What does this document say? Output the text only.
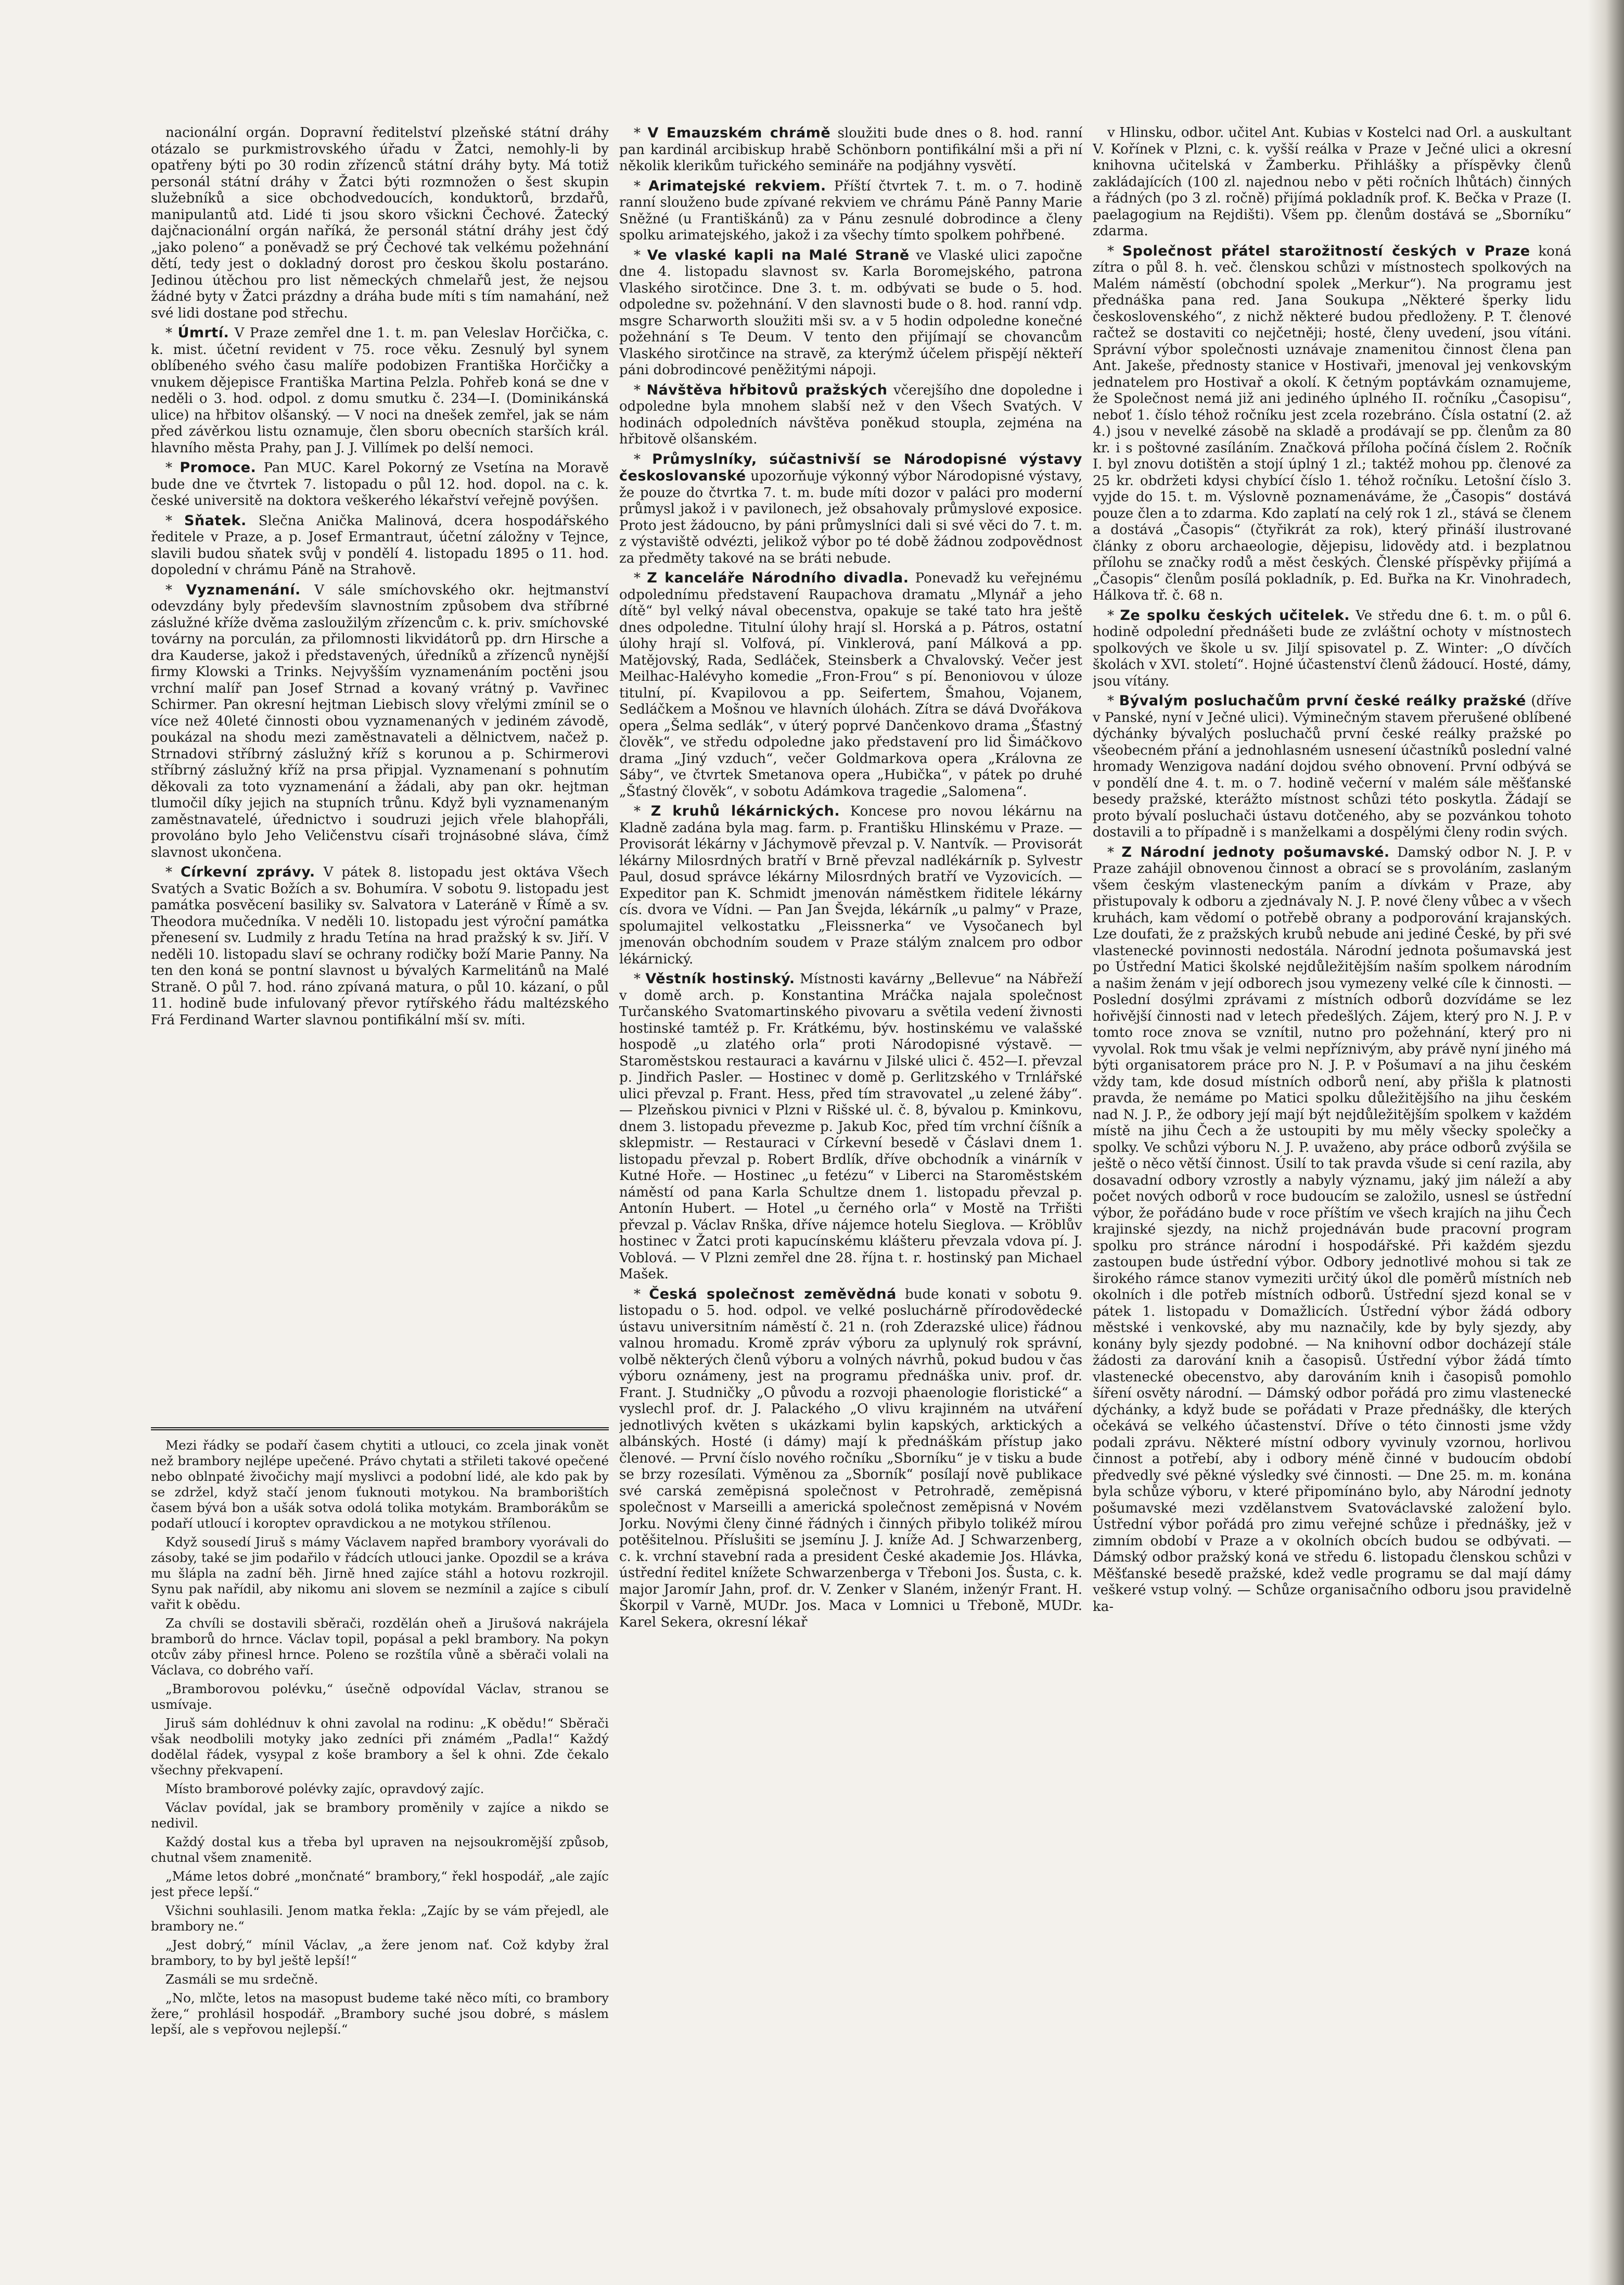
nacionální orgán. Dopravní ředitelství plzeňské státní dráhy otázalo se purkmistrovského úřadu v Žatci, nemohly-li by opatřeny býti po 30 rodin zřízenců státní dráhy byty. Má totiž personál státní dráhy v Žatci býti rozmnožen o šest skupin služebníků a sice obchodvedoucích, konduktorů, brzdařů, manipulantů atd. Lidé ti jsou skoro všickni Čechové. Žatecký dajčnacionální orgán naříká, že personál státní dráhy jest čdý „jako poleno“ a poněvadž se prý Čechové tak velkému požehnání dětí, tedy jest o dokladný dorost pro českou školu postaráno. Jedinou útěchou pro list německých chmelařů jest, že nejsou žádné byty v Žatci prázdny a dráha bude míti s tím namahání, než své lidi dostane pod střechu.

* Úmrtí. V Praze zemřel dne 1. t. m. pan Veleslav Horčička, c. k. mist. účetní revident v 75. roce věku. Zesnulý byl synem oblíbeného svého času malíře podobizen Františka Horčičky a vnukem dějepisce Františka Martina Pelzla. Pohřeb koná se dne v neděli o 3. hod. odpol. z domu smutku č. 234—I. (Dominikánská ulice) na hřbitov olšanský. — V noci na dnešek zemřel, jak se nám před závěrkou listu oznamuje, člen sboru obecních starších král. hlavního města Prahy, pan J. J. Villímek po delší nemoci.

* Promoce. Pan MUC. Karel Pokorný ze Vsetína na Moravě bude dne ve čtvrtek 7. listopadu o půl 12. hod. dopol. na c. k. české universitě na doktora veškerého lékařství veřejně povýšen.

* Sňatek. Slečna Anička Malinová, dcera hospodářského ředitele v Praze, a p. Josef Ermantraut, účetní záložny v Tejnce, slavili budou sňatek svůj v pondělí 4. listopadu 1895 o 11. hod. dopolední v chrámu Páně na Strahově.

* Vyznamenání. V sále smíchovského okr. hejtmanství odevzdány byly především slavnostním způsobem dva stříbrné záslužné kříže dvěma zasloužilým zřízencům c. k. priv. smíchovské továrny na porculán, za přilomnosti likvidátorů pp. drn Hirsche a dra Kauderse, jakož i představených, úředníků a zřízenců nynější firmy Klowski a Trinks. Nejvyšším vyznamenáním poctěni jsou vrchní malíř pan Josef Strnad a kovaný vrátný p. Vavřinec Schirmer. Pan okresní hejtman Liebisch slovy vřelými zmínil se o více než 40leté činnosti obou vyznamenaných v jediném závodě, poukázal na shodu mezi zaměstnavateli a dělnictvem, načež p. Strnadovi stříbrný záslužný kříž s korunou a p. Schirmerovi stříbrný záslužný kříž na prsa připjal. Vyznamenaní s pohnutím děkovali za toto vyznamenání a žádali, aby pan okr. hejtman tlumočil díky jejich na stupních trůnu. Když byli vyznamenaným zaměstnavatelé, úřednictvo i soudruzi jejich vřele blahopřáli, provoláno bylo Jeho Veličenstvu císaři trojnásobné sláva, čímž slavnost ukončena.

* Církevní zprávy. V pátek 8. listopadu jest oktáva Všech Svatých a Svatic Božích a sv. Bohumíra. V sobotu 9. listopadu jest památka posvěcení basiliky sv. Salvatora v Lateráně v Římě a sv. Theodora mučedníka. V neděli 10. listopadu jest výroční památka přenesení sv. Ludmily z hradu Tetína na hrad pražský k sv. Jiří. V neděli 10. listopadu slaví se ochrany rodičky boží Marie Panny. Na ten den koná se pontní slavnost u bývalých Karmelitánů na Malé Straně. O půl 7. hod. ráno zpívaná matura, o půl 10. kázaní, o půl 11. hodině bude infulovaný převor rytířského řádu maltézského Frá Ferdinand Warter slavnou pontifikální mší sv. míti.

Mezi řádky se podaří časem chytiti a utlouci, co zcela jinak vonět než brambory nejlépe upečené. Právo chytati a střileti takové opečené nebo oblnpaté živočichy mají myslivci a podobní lidé, ale kdo pak by se zdržel, když stačí jenom ťuknouti motykou. Na bramborištích časem bývá bon a ušák sotva odolá tolika motykám. Bramborákům se podaří utloucí i koroptev opravdickou a ne motykou střílenou.

Když sousedí Jiruš s mámy Václavem napřed brambory vyorávali do zásoby, také se jim podařilo v řádcích utlouci janke. Opozdil se a kráva mu šlápla na zadní běh. Jirně hned zajíce stáhl a hotovu rozkrojil. Synu pak nařídil, aby nikomu ani slovem se nezmínil a zajíce s cibulí vařit k obědu.

Za chvíli se dostavili sběrači, rozdělán oheň a Jirušová nakrájela bramborů do hrnce. Václav topil, popásal a pekl brambory. Na pokyn otcův záby přinesl hrnce. Poleno se rozštíla vůně a sběrači volali na Václava, co dobrého vaří.

„Bramborovou polévku,“ úsečně odpovídal Václav, stranou se usmívaje.

Jiruš sám dohlédnuv k ohni zavolal na rodinu: „K obědu!“ Sběrači však neodbolili motyky jako zedníci při známém „Padla!“ Každý dodělal řádek, vysypal z koše brambory a šel k ohni. Zde čekalo všechny překvapení.

Místo bramborové polévky zajíc, opravdový zajíc.

Václav povídal, jak se brambory proměnily v zajíce a nikdo se nedivil.

Každý dostal kus a třeba byl upraven na nejsoukromější způsob, chutnal všem znamenitě.

„Máme letos dobré „mončnaté“ brambory,“ řekl hospodář, „ale zajíc jest přece lepší.“

Všichni souhlasili. Jenom matka řekla: „Zajíc by se vám přejedl, ale brambory ne.“

„Jest dobrý,“ mínil Václav, „a žere jenom nať. Což kdyby žral brambory, to by byl ještě lepší!“

Zasmáli se mu srdečně.

„No, mlčte, letos na masopust budeme také něco míti, co brambory žere,“ prohlásil hospodář. „Brambory suché jsou dobré, s máslem lepší, ale s vepřovou nejlepší.“

* V Emauzském chrámě sloužiti bude dnes o 8. hod. ranní pan kardinál arcibiskup hrabě Schönborn pontifikální mši a při ní několik klerikům tuřického semináře na podjáhny vysvětí.

* Arimatejské rekviem. Příští čtvrtek 7. t. m. o 7. hodině ranní slouženo bude zpívané rekviem ve chrámu Páně Panny Marie Sněžné (u Františkánů) za v Pánu zesnulé dobrodince a členy spolku arimatejského, jakož i za všechy tímto spolkem pohřbené.

* Ve vlaské kapli na Malé Straně ve Vlaské ulici započne dne 4. listopadu slavnost sv. Karla Boromejského, patrona Vlaského sirotčince. Dne 3. t. m. odbývati se bude o 5. hod. odpoledne sv. požehnání. V den slavnosti bude o 8. hod. ranní vdp. msgre Scharworth sloužiti mši sv. a v 5 hodin odpoledne konečné požehnání s Te Deum. V tento den přijímají se chovancům Vlaského sirotčince na stravě, za kterýmž účelem přispějí někteří páni dobrodincové peněžitými nápoji.

* Návštěva hřbitovů pražských včerejšího dne dopoledne i odpoledne byla mnohem slabší než v den Všech Svatých. V hodinách odpoledních návštěva poněkud stoupla, zejména na hřbitově olšanském.

* Průmyslníky, súčastnivší se Národopisné výstavy českoslovanské upozorňuje výkonný výbor Národopisné výstavy, že pouze do čtvrtka 7. t. m. bude míti dozor v paláci pro moderní průmysl jakož i v pavilonech, jež obsahovaly průmyslové exposice. Proto jest žádoucno, by páni průmyslníci dali si své věci do 7. t. m. z výstaviště odvézti, jelikož výbor po té době žádnou zodpovědnost za předměty takové na se bráti nebude.

* Z kanceláře Národního divadla. Ponevadž ku veřejnému odpolednímu představení Raupachova dramatu „Mlynář a jeho dítě“ byl velký nával obecenstva, opakuje se také tato hra ještě dnes odpoledne. Titulní úlohy hrají sl. Horská a p. Pátros, ostatní úlohy hrají sl. Volfová, pí. Vinklerová, paní Málková a pp. Matějovský, Rada, Sedláček, Steinsberk a Chvalovský. Večer jest Meilhac-Halévyho komedie „Fron-Frou“ s pí. Benoniovou v úloze titulní, pí. Kvapilovou a pp. Seifertem, Šmahou, Vojanem, Sedláčkem a Mošnou ve hlavních úlohách. Zítra se dává Dvořákova opera „Šelma sedlák“, v úterý poprvé Dančenkovo drama „Šťastný člověk“, ve středu odpoledne jako představení pro lid Šimáčkovo drama „Jiný vzduch“, večer Goldmarkova opera „Královna ze Sáby“, ve čtvrtek Smetanova opera „Hubička“, v pátek po druhé „Šťastný člověk“, v sobotu Adámkova tragedie „Salomena“.

* Z kruhů lékárnických. Koncese pro novou lékárnu na Kladně zadána byla mag. farm. p. Františku Hlinskému v Praze. — Provisorát lékárny v Jáchymově převzal p. V. Nantvík. — Provisorát lékárny Milosrdných bratří v Brně převzal nadlékárník p. Sylvestr Paul, dosud správce lékárny Milosrdných bratří ve Vyzovicích. — Expeditor pan K. Schmidt jmenován náměstkem řiditele lékárny cís. dvora ve Vídni. — Pan Jan Švejda, lékárník „u palmy“ v Praze, spolumajitel velkostatku „Fleissnerka“ ve Vysočanech byl jmenován obchodním soudem v Praze stálým znalcem pro odbor lékárnický.

* Věstník hostinský. Místnosti kavárny „Bellevue“ na Nábřeží v domě arch. p. Konstantina Mráčka najala společnost Turčanského Svatomartinského pivovaru a světila vedení živnosti hostinské tamtéž p. Fr. Krátkému, býv. hostinskému ve valašské hospodě „u zlatého orla“ proti Národopisné výstavě. — Staroměstskou restauraci a kavárnu v Jilské ulici č. 452—I. převzal p. Jindřich Pasler. — Hostinec v domě p. Gerlitzského v Trnlářské ulici převzal p. Frant. Hess, před tím stravovatel „u zelené žáby“. — Plzeňskou pivnici v Plzni v Rišské ul. č. 8, bývalou p. Kminkovu, dnem 3. listopadu převezme p. Jakub Koc, před tím vrchní číšník a sklepmistr. — Restauraci v Církevní besedě v Čáslavi dnem 1. listopadu převzal p. Robert Brdlík, dříve obchodník a vinárník v Kutné Hoře. — Hostinec „u fetézu“ v Liberci na Staroměstském náměstí od pana Karla Schultze dnem 1. listopadu převzal p. Antonín Hubert. — Hotel „u černého orla“ v Mostě na Trřišti převzal p. Václav Rnška, dříve nájemce hotelu Sieglova. — Kröblův hostinec v Žatci proti kapucínskému klášteru převzala vdova pí. J. Voblová. — V Plzni zemřel dne 28. října t. r. hostinský pan Michael Mašek.

* Česká společnost zeměvědná bude konati v sobotu 9. listopadu o 5. hod. odpol. ve velké posluchárně přírodovědecké ústavu universitním náměstí č. 21 n. (roh Zderazské ulice) řádnou valnou hromadu. Kromě zpráv výboru za uplynulý rok správní, volbě některých členů výboru a volných návrhů, pokud budou v čas výboru oznámeny, jest na programu přednáška univ. prof. dr. Frant. J. Studničky „O původu a rozvoji phaenologie floristické“ a vyslechl prof. dr. J. Palackého „O vlivu krajinném na utváření jednotlivých květen s ukázkami bylin kapských, arktických a albánských. Hosté (i dámy) mají k přednáškám přístup jako členové. — První číslo nového ročníku „Sborníku“ je v tisku a bude se brzy rozesílati. Výměnou za „Sborník“ posílají nově publikace své carská zeměpisná společnost v Petrohradě, zeměpisná společnost v Marseilli a americká společnost zeměpisná v Novém Jorku. Novými členy činné řádných i činných přibylo tolikéž mírou potěšitelnou. Příslušiti se jsemínu J. J. kníže Ad. J Schwarzenberg, c. k. vrchní stavební rada a president České akademie Jos. Hlávka, ústřední ředitel knížete Schwarzenberga v Třeboni Jos. Šusta, c. k. major Jaromír Jahn, prof. dr. V. Zenker v Slaném, inženýr Frant. H. Škorpil v Varně, MUDr. Jos. Maca v Lomnici u Třeboně, MUDr. Karel Sekera, okresní lékař

v Hlinsku, odbor. učitel Ant. Kubias v Kostelci nad Orl. a auskultant V. Kořínek v Plzni, c. k. vyšší reálka v Praze v Ječné ulici a okresní knihovna učitelská v Žamberku. Přihlášky a příspěvky členů zakládajících (100 zl. najednou nebo v pěti ročních lhůtách) činných a řádných (po 3 zl. ročně) přijímá pokladník prof. K. Bečka v Praze (I. paelagogium na Rejdišti). Všem pp. členům dostává se „Sborníku“ zdarma.

* Společnost přátel starožitností českých v Praze koná zítra o půl 8. h. več. členskou schůzi v místnostech spolkových na Malém náměstí (obchodní spolek „Merkur“). Na programu jest přednáška pana red. Jana Soukupa „Některé šperky lidu československého“, z nichž některé budou předloženy. P. T. členové račtež se dostaviti co nejčetněji; hosté, členy uvedení, jsou vítáni. Správní výbor společnosti uznávaje znamenitou činnost člena pan Ant. Jakeše, přednosty stanice v Hostivaři, jmenoval jej venkovským jednatelem pro Hostivař a okolí. K četným poptávkám oznamujeme, že Společnost nemá již ani jediného úplného II. ročníku „Časopisu“, neboť 1. číslo téhož ročníku jest zcela rozebráno. Čísla ostatní (2. až 4.) jsou v nevelké zásobě na skladě a prodávají se pp. členům za 80 kr. i s poštovné zasíláním. Značková příloha počíná číslem 2. Ročník I. byl znovu dotištěn a stojí úplný 1 zl.; taktéž mohou pp. členové za 25 kr. obdržeti kdysi chybící číslo 1. téhož ročníku. Letošní číslo 3. vyjde do 15. t. m. Výslovně poznamenáváme, že „Časopis“ dostává pouze člen a to zdarma. Kdo zaplatí na celý rok 1 zl., stává se členem a dostává „Časopis“ (čtyřikrát za rok), který přináší ilustrované články z oboru archaeologie, dějepisu, lidovědy atd. i bezplatnou přílohu se značky rodů a měst českých. Členské příspěvky přijímá a „Časopis“ členům posílá pokladník, p. Ed. Buřka na Kr. Vinohradech, Hálkova tř. č. 68 n.

* Ze spolku českých učitelek. Ve středu dne 6. t. m. o půl 6. hodině odpolední přednášeti bude ze zvláštní ochoty v místnostech spolkových ve škole u sv. Jiljí spisovatel p. Z. Winter: „O dívčích školách v XVI. století“. Hojné účastenství členů žádoucí. Hosté, dámy, jsou vítány.

* Bývalým posluchačům první české reálky pražské (dříve v Panské, nyní v Ječné ulici). Výminečným stavem přerušené oblíbené dýchánky bývalých posluchačů první české reálky pražské po všeobecném přání a jednohlasném usnesení účastníků poslední valné hromady Wenzigova nadání dojdou svého obnovení. První odbývá se v pondělí dne 4. t. m. o 7. hodině večerní v malém sále měšťanské besedy pražské, kterážto místnost schůzi této poskytla. Žádají se proto bývalí posluchači ústavu dotčeného, aby se pozvánkou tohoto dostavili a to případně i s manželkami a dospělými členy rodin svých.

* Z Národní jednoty pošumavské. Damský odbor N. J. P. v Praze zahájil obnovenou činnost a obrací se s provoláním, zaslaným všem českým vlasteneckým paním a dívkám v Praze, aby přistupovaly k odboru a zjednávaly N. J. P. nové členy vůbec a v všech kruhách, kam vědomí o potřebě obrany a podporování krajanských. Lze doufati, že z pražských krubů nebude ani jediné České, by při své vlastenecké povinnosti nedostála. Národní jednota pošumavská jest po Ústřední Matici školské nejdůležitějším naším spolkem národním a našim ženám v její odborech jsou vymezeny velké cíle k činnosti. — Poslední dosýlmi zprávami z místních odborů dozvídáme se lez hořivější činnosti nad v letech předešlých. Zájem, který pro N. J. P. v tomto roce znova se vznítil, nutno pro požehnání, který pro ni vyvolal. Rok tmu však je velmi nepříznivým, aby právě nyní jiného má býti organisatorem práce pro N. J. P. v Pošumaví a na jihu českém vždy tam, kde dosud místních odborů není, aby přišla k platnosti pravda, že nemáme po Matici spolku důležitějšího na jihu českém nad N. J. P., že odbory její mají být nejdůležitějším spolkem v každém místě na jihu Čech a že ustoupiti by mu měly všecky společky a spolky. Ve schůzi výboru N. J. P. uvaženo, aby práce odborů zvýšila se ještě o něco větší činnost. Úsilí to tak pravda všude si cení razila, aby dosavadní odbory vzrostly a nabyly významu, jaký jim náleží a aby počet nových odborů v roce budoucím se založilo, usnesl se ústřední výbor, že pořádáno bude v roce příštím ve všech krajích na jihu Čech krajinské sjezdy, na nichž projednáván bude pracovní program spolku pro stránce národní i hospodářské. Při každém sjezdu zastoupen bude ústřední výbor. Odbory jednotlivé mohou si tak ze širokého rámce stanov vymeziti určitý úkol dle poměrů místních neb okolních i dle potřeb místních odborů. Ústřední sjezd konal se v pátek 1. listopadu v Domažlicích. Ústřední výbor žádá odbory městské i venkovské, aby mu naznačily, kde by byly sjezdy, aby konány byly sjezdy podobné. — Na knihovní odbor docházejí stále žádosti za darování knih a časopisů. Ústřední výbor žádá tímto vlastenecké obecenstvo, aby darováním knih i časopisů pomohlo šíření osvěty národní. — Dámský odbor pořádá pro zimu vlastenecké dýchánky, a když bude se pořádati v Praze přednášky, dle kterých očekává se velkého účastenství. Dříve o této činnosti jsme vždy podali zprávu. Některé místní odbory vyvinuly vzornou, horlivou činnost a potřebí, aby i odbory méně činné v budoucím období předvedly své pěkné výsledky své činnosti. — Dne 25. m. m. konána byla schůze výboru, v které připomínáno bylo, aby Národní jednoty pošumavské mezi vzdělanstvem Svatováclavské založení bylo. Ústřední výbor pořádá pro zimu veřejné schůze i přednášky, jež v zimním období v Praze a v okolních obcích budou se odbývati. — Dámský odbor pražský koná ve středu 6. listopadu členskou schůzi v Měšťanské besedě pražské, kdež vedle programu se dal mají dámy veškeré vstup volný. — Schůze organisačního odboru jsou pravidelně ka-
